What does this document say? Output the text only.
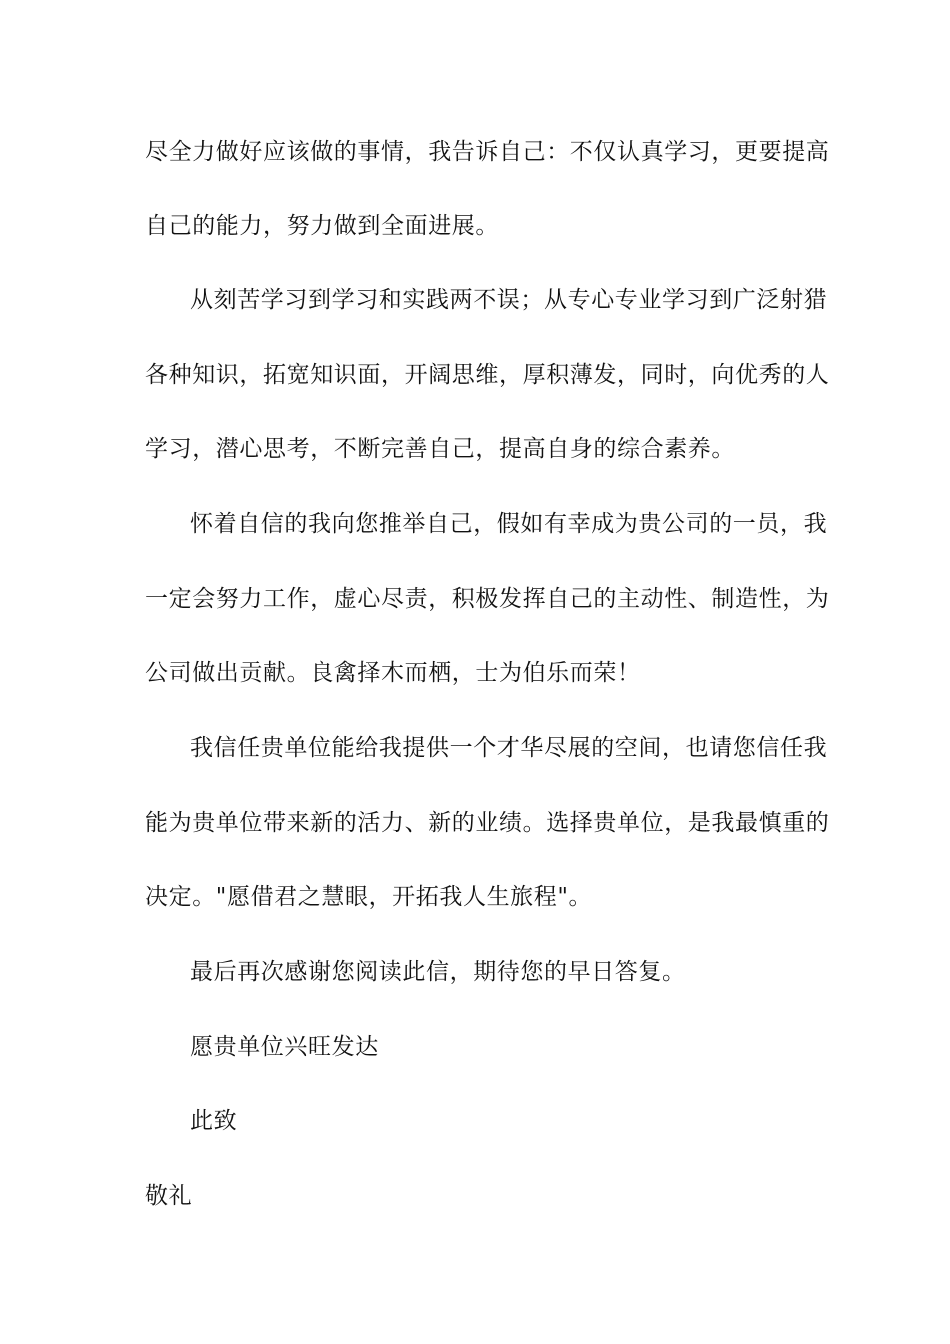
尽全力做好应该做的事情，我告诉自己：不仅认真学习，更要提高
自己的能力，努力做到全面进展。
从刻苦学习到学习和实践两不误；从专心专业学习到广泛射猎
各种知识，拓宽知识面，开阔思维，厚积薄发，同时，向优秀的人
学习，潜心思考，不断完善自己，提高自身的综合素养。
怀着自信的我向您推举自己，假如有幸成为贵公司的一员，我
一定会努力工作，虚心尽责，积极发挥自己的主动性、制造性，为
公司做出贡献。良禽择木而栖，士为伯乐而荣！
我信任贵单位能给我提供一个才华尽展的空间，也请您信任我
能为贵单位带来新的活力、新的业绩。选择贵单位，是我最慎重的
决定。"愿借君之慧眼，开拓我人生旅程"。
最后再次感谢您阅读此信，期待您的早日答复。
愿贵单位兴旺发达
此致
敬礼
